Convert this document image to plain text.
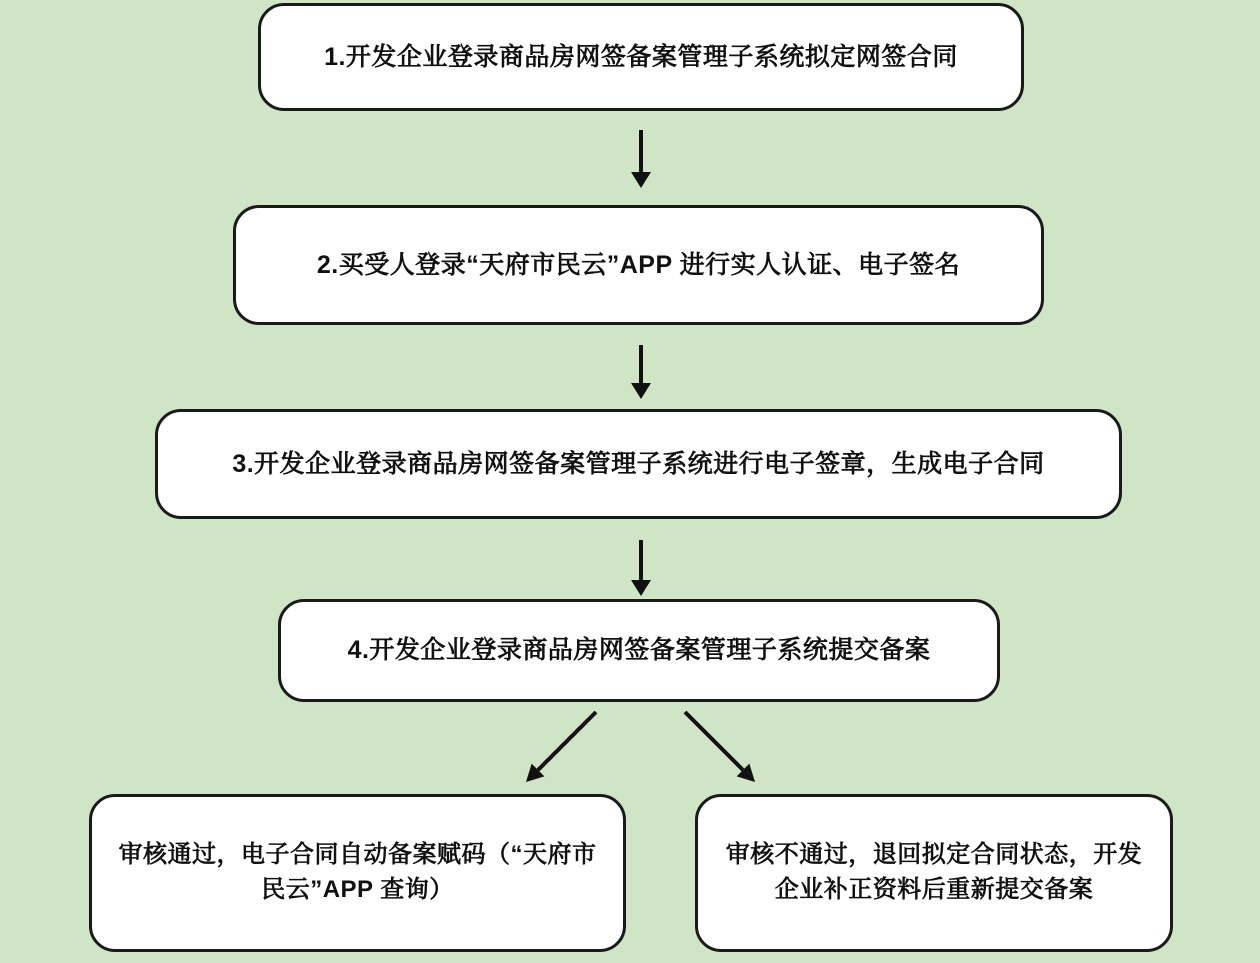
1.开发企业登录商品房网签备案管理子系统拟定网签合同
2.买受人登录“天府市民云”APP 进行实人认证、电子签名
3.开发企业登录商品房网签备案管理子系统进行电子签章，生成电子合同
4.开发企业登录商品房网签备案管理子系统提交备案
审核通过，电子合同自动备案赋码（“天府市民云”APP 查询）
审核不通过，退回拟定合同状态，开发企业补正资料后重新提交备案
